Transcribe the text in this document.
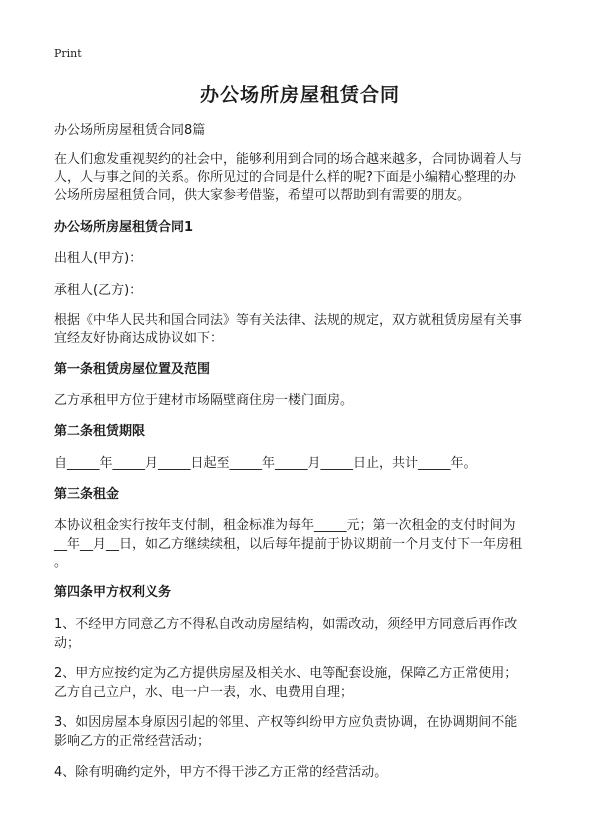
Print
办公场所房屋租赁合同

办公场所房屋租赁合同8篇

在人们愈发重视契约的社会中，能够利用到合同的场合越来越多，合同协调着人与

人，人与事之间的关系。你所见过的合同是什么样的呢?下面是小编精心整理的办

公场所房屋租赁合同，供大家参考借鉴，希望可以帮助到有需要的朋友。

办公场所房屋租赁合同1

出租人(甲方)：

承租人(乙方)：

根据《中华人民共和国合同法》等有关法律、法规的规定，双方就租赁房屋有关事

宜经友好协商达成协议如下：

第一条租赁房屋位置及范围

乙方承租甲方位于建材市场隔壁商住房一楼门面房。

第二条租赁期限

自_____年_____月_____日起至_____年_____月_____日止，共计_____年。

第三条租金

本协议租金实行按年支付制，租金标准为每年_____元；第一次租金的支付时间为

__年__月__日，如乙方继续续租，以后每年提前于协议期前一个月支付下一年房租

。

第四条甲方权利义务

1、不经甲方同意乙方不得私自改动房屋结构，如需改动，须经甲方同意后再作改

动；

2、甲方应按约定为乙方提供房屋及相关水、电等配套设施，保障乙方正常使用；

乙方自己立户，水、电一户一表，水、电费用自理；

3、如因房屋本身原因引起的邻里、产权等纠纷甲方应负责协调，在协调期间不能

影响乙方的正常经营活动；

4、除有明确约定外，甲方不得干涉乙方正常的经营活动。
